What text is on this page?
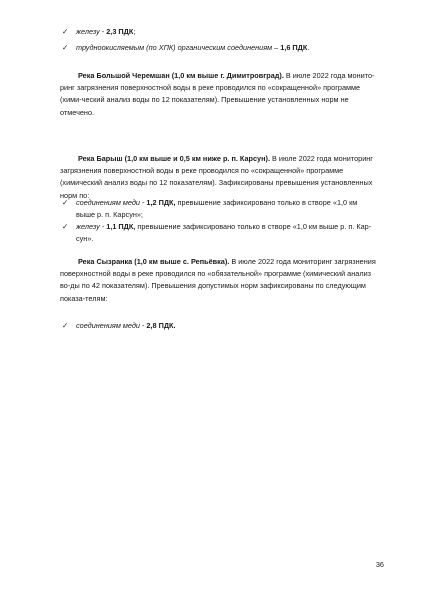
✓	железу - 2,3 ПДК;
✓	трудноокисляемым (по ХПК) органическим соединениям – 1,6 ПДК.

Река Большой Черемшан (1,0 км выше г. Димитровград). В июле 2022 года монито-ринг загрязнения поверхностной воды в реке проводился по «сокращенной» программе (хими-ческий анализ воды по 12 показателям). Превышение установленных норм не отмечено.

Река Барыш (1,0 км выше и 0,5 км ниже р. п. Карсун). В июле 2022 года мониторинг загрязнения поверхностной воды в реке проводился по «сокращенной» программе (химический анализ воды по 12 показателям). Зафиксированы превышения установленных норм по:

✓	соединениям меди - 1,2 ПДК, превышение зафиксировано только в створе «1,0 км выше р. п. Карсун»;
✓	железу - 1,1 ПДК, превышение зафиксировано только в створе «1,0 км выше р. п. Кар-сун».

Река Сызранка (1,0 км выше с. Репьёвка). В июле 2022 года мониторинг загрязнения поверхностной воды в реке проводился по «обязательной» программе (химический анализ во-ды по 42 показателям). Превышения допустимых норм зафиксированы по следующим показа-телям:

✓	соединениям меди - 2,8 ПДК.
36
